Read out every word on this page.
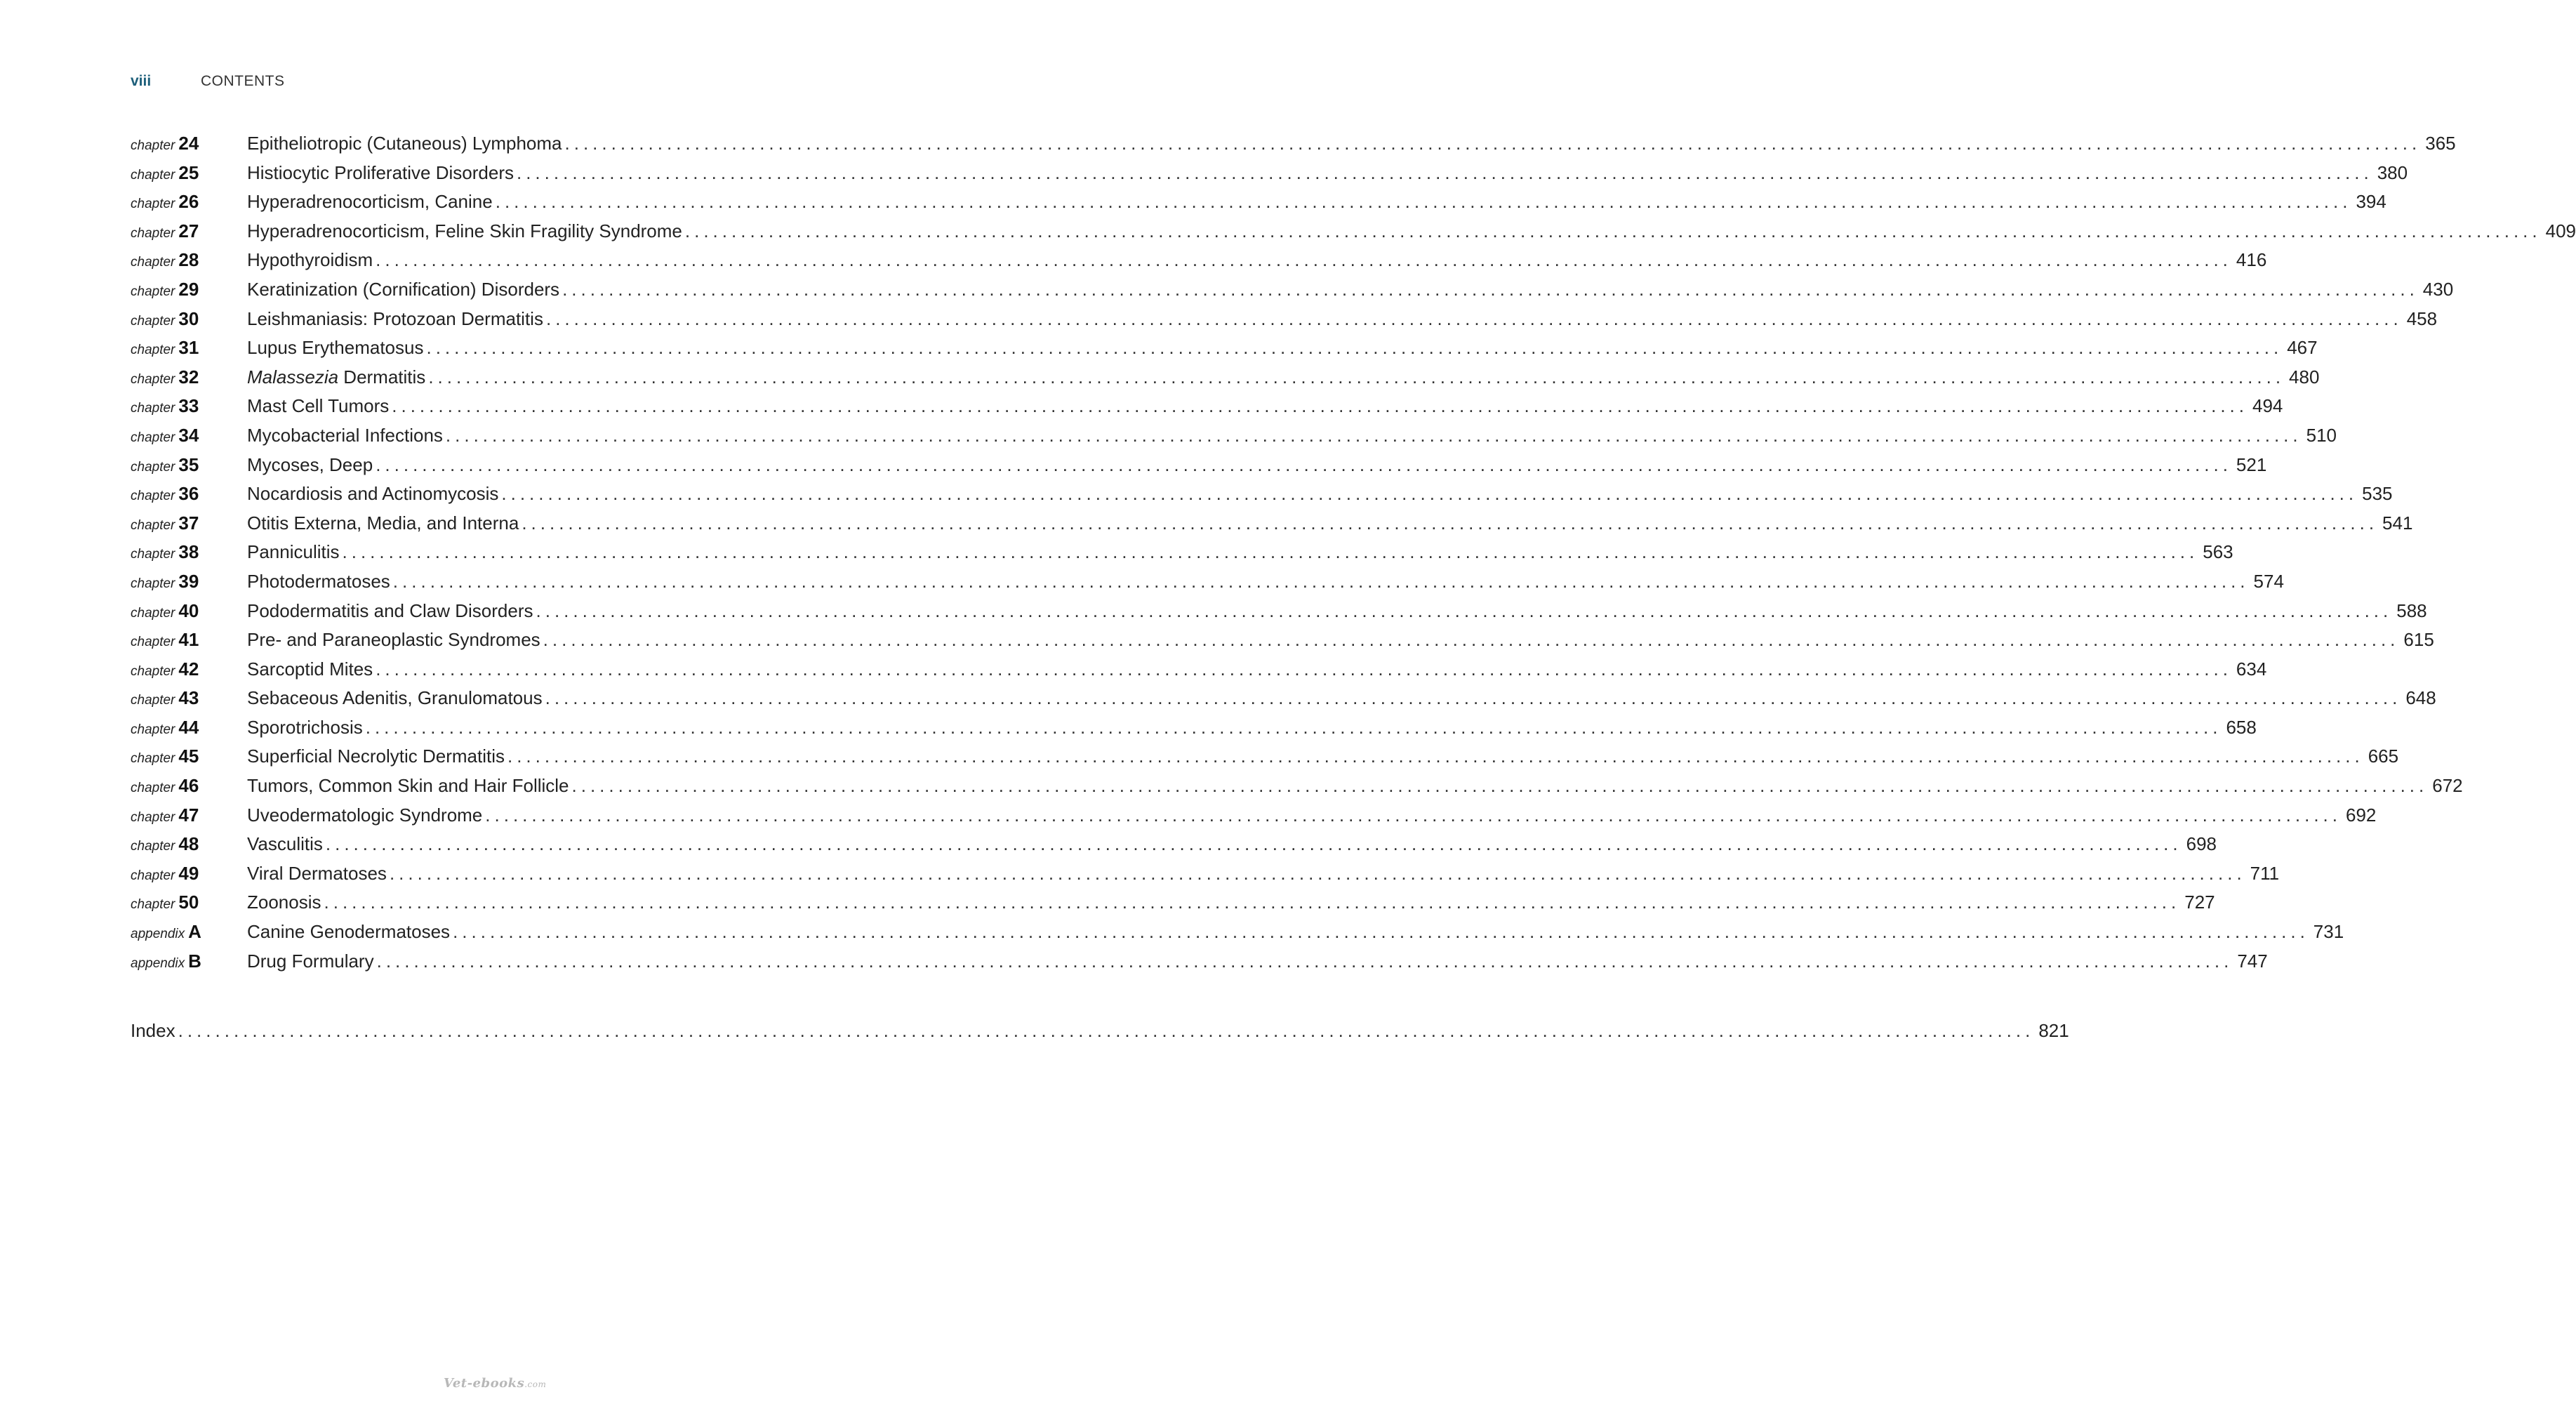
viii	CONTENTS
chapter 24	Epitheliotropic (Cutaneous) Lymphoma ........................................................................................................................................................................................................ 365
chapter 25	Histiocytic Proliferative Disorders ........................................................................................................................................................................................................ 380
chapter 26	Hyperadrenocorticism, Canine ........................................................................................................................................................................................................ 394
chapter 27	Hyperadrenocorticism, Feline Skin Fragility Syndrome ........................................................................................................................................................................................................ 409
chapter 28	Hypothyroidism ........................................................................................................................................................................................................ 416
chapter 29	Keratinization (Cornification) Disorders ........................................................................................................................................................................................................ 430
chapter 30	Leishmaniasis: Protozoan Dermatitis ........................................................................................................................................................................................................ 458
chapter 31	Lupus Erythematosus ........................................................................................................................................................................................................ 467
chapter 32	Malassezia Dermatitis ........................................................................................................................................................................................................ 480
chapter 33	Mast Cell Tumors ........................................................................................................................................................................................................ 494
chapter 34	Mycobacterial Infections ........................................................................................................................................................................................................ 510
chapter 35	Mycoses, Deep ........................................................................................................................................................................................................ 521
chapter 36	Nocardiosis and Actinomycosis ........................................................................................................................................................................................................ 535
chapter 37	Otitis Externa, Media, and Interna ........................................................................................................................................................................................................ 541
chapter 38	Panniculitis ........................................................................................................................................................................................................ 563
chapter 39	Photodermatoses ........................................................................................................................................................................................................ 574
chapter 40	Pododermatitis and Claw Disorders ........................................................................................................................................................................................................ 588
chapter 41	Pre- and Paraneoplastic Syndromes ........................................................................................................................................................................................................ 615
chapter 42	Sarcoptid Mites ........................................................................................................................................................................................................ 634
chapter 43	Sebaceous Adenitis, Granulomatous ........................................................................................................................................................................................................ 648
chapter 44	Sporotrichosis ........................................................................................................................................................................................................ 658
chapter 45	Superficial Necrolytic Dermatitis ........................................................................................................................................................................................................ 665
chapter 46	Tumors, Common Skin and Hair Follicle ........................................................................................................................................................................................................ 672
chapter 47	Uveodermatologic Syndrome ........................................................................................................................................................................................................ 692
chapter 48	Vasculitis ........................................................................................................................................................................................................ 698
chapter 49	Viral Dermatoses ........................................................................................................................................................................................................ 711
chapter 50	Zoonosis ........................................................................................................................................................................................................ 727
appendix A	Canine Genodermatoses ........................................................................................................................................................................................................ 731
appendix B	Drug Formulary ........................................................................................................................................................................................................ 747
Index ........................................................................................................................................................................................................ 821
Vet-ebooks.com
